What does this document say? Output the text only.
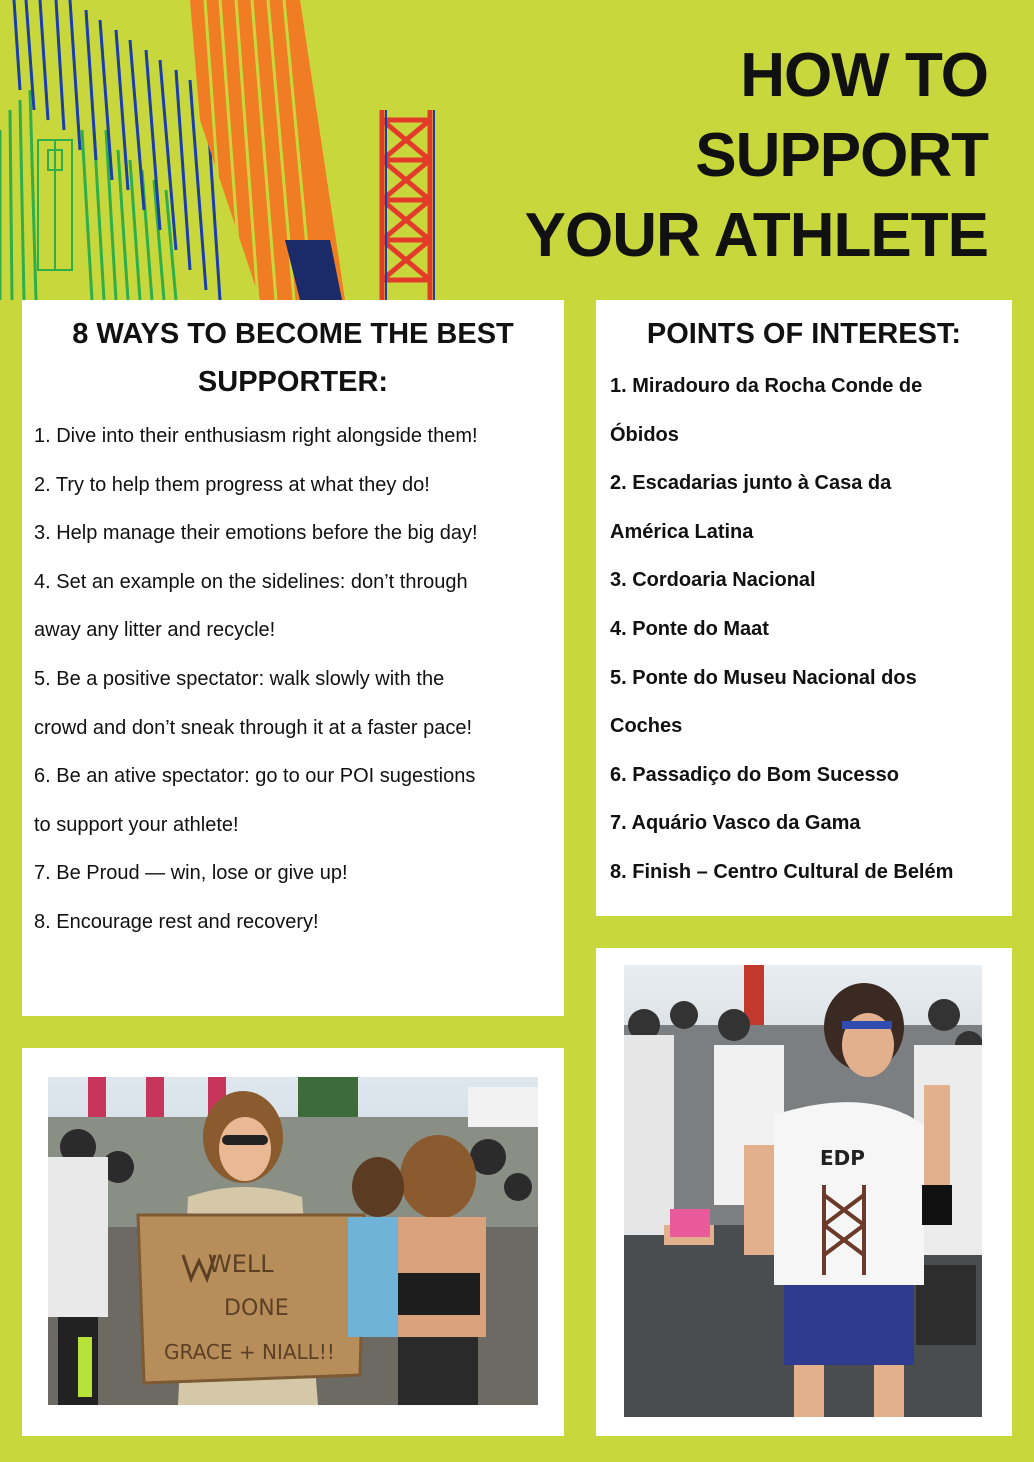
HOW TO
SUPPORT
YOUR ATHLETE
8 WAYS TO BECOME THE BEST SUPPORTER:
1. Dive into their enthusiasm right alongside them!
2. Try to help them progress at what they do!
3. Help manage their emotions before the big day!
4. Set an example on the sidelines: don’t through
away any litter and recycle!
5. Be a positive spectator: walk slowly with the
crowd and don’t sneak through it at a faster pace!
6. Be an ative spectator: go to our POI sugestions
to support your athlete!
7. Be Proud — win, lose or give up!
8. Encourage rest and recovery!
POINTS OF INTEREST:
1. Miradouro da Rocha Conde de
Óbidos
2. Escadarias junto à Casa da
América Latina
3. Cordoaria Nacional
4. Ponte do Maat
5. Ponte do Museu Nacional dos
Coches
6. Passadiço do Bom Sucesso
7. Aquário Vasco da Gama
8. Finish – Centro Cultural de Belém
WELL
DONE
GRACE + NIALL!!
EDP
